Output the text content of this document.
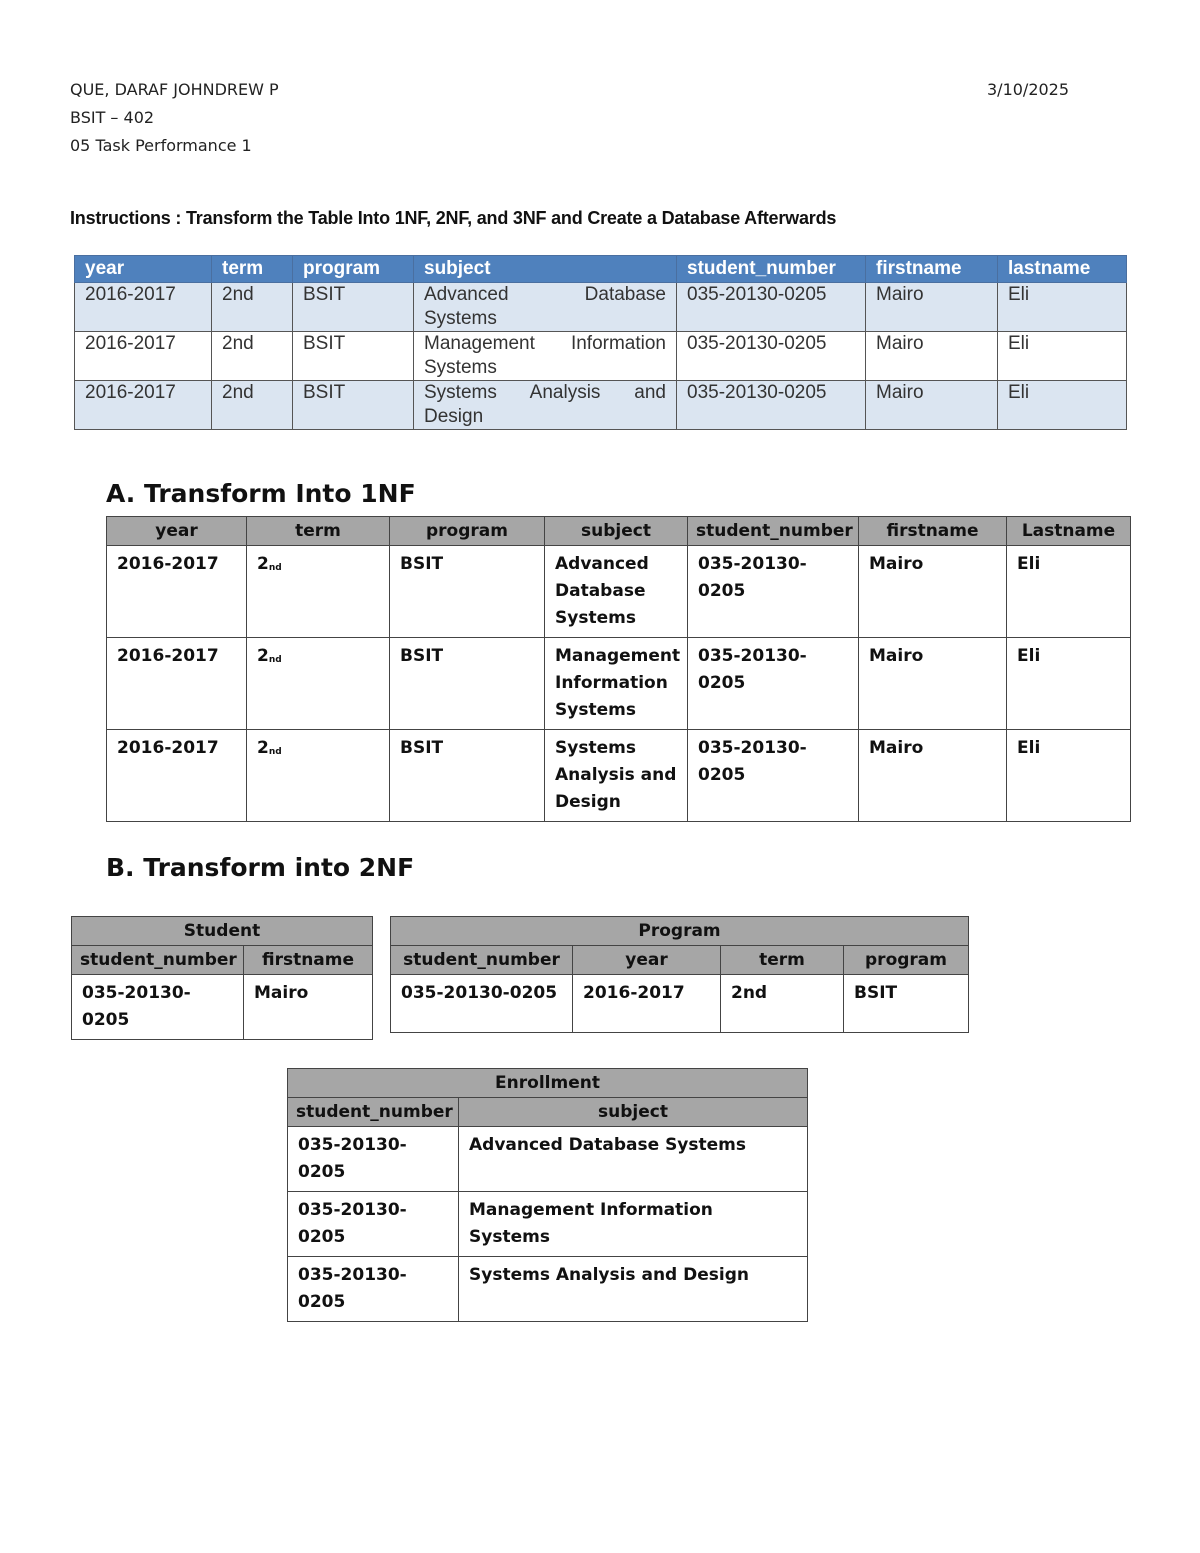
QUE, DARAF JOHNDREW P	3/10/2025
BSIT – 402
05 Task Performance 1
Instructions : Transform the Table Into 1NF, 2NF, and 3NF and Create a Database Afterwards
year	term	program	subject	student_number	firstname	lastname
2016-2017	2nd	BSIT	Advanced Database Systems	035-20130-0205	Mairo	Eli
2016-2017	2nd	BSIT	Management Information Systems	035-20130-0205	Mairo	Eli
2016-2017	2nd	BSIT	Systems Analysis and Design	035-20130-0205	Mairo	Eli
A. Transform Into 1NF
year	term	program	subject	student_number	firstname	Lastname
2016-2017	$2_{nd}$	BSIT	Advanced Database Systems	035-20130-0205	Mairo	Eli
2016-2017	$2_{nd}$	BSIT	Management Information Systems	035-20130-0205	Mairo	Eli
2016-2017	$2_{nd}$	BSIT	Systems Analysis and Design	035-20130-0205	Mairo	Eli
B. Transform into 2NF
Student	
student_number	firstname
035-20130-0205	Mairo
Program			
student_number	year	term	program
035-20130-0205	2016-2017	2nd	BSIT
Enrollment	
student_number	subject
035-20130-0205	Advanced Database Systems
035-20130-0205	Management Information Systems
035-20130-0205	Systems Analysis and Design
